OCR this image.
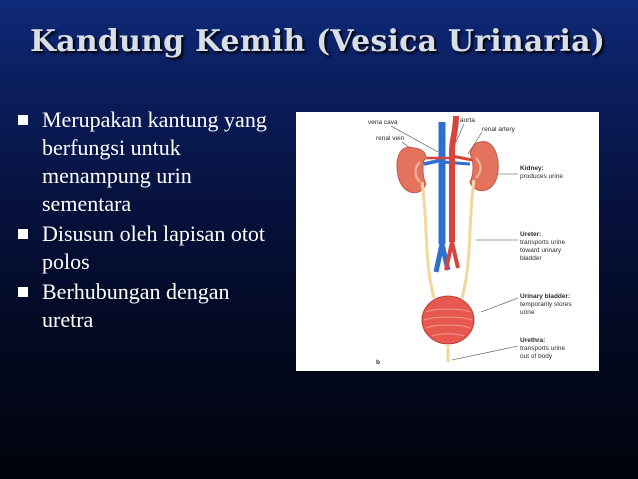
Kandung Kemih (Vesica Urinaria)
Merupakan kantung yang berfungsi untuk menampung urin sementara
Disusun oleh lapisan otot polos
Berhubungan dengan uretra
vena cava	aorta
renal artery
renal vein
Kidney:
produces urine
Ureter:
transports urine
toward urinary
bladder
Urinary bladder:
temporarily stores
urine
Urethra:
transports urine
out of body
b
